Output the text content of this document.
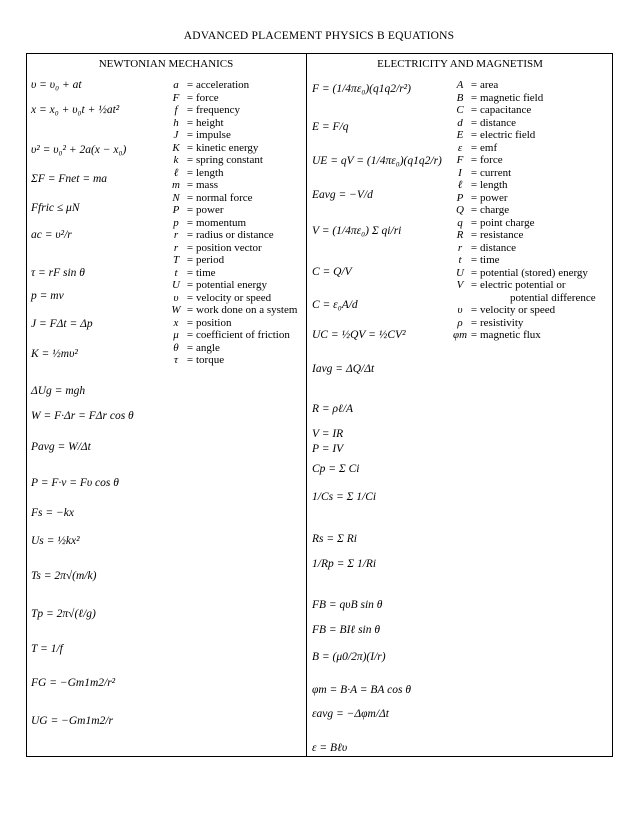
ADVANCED PLACEMENT PHYSICS B EQUATIONS
NEWTONIAN MECHANICS	ELECTRICITY AND MAGNETISM
υ = υ₀ + at
x = x₀ + υ₀t + ½at²
υ² = υ₀² + 2a(x − x₀)
ΣF = Fnet = ma
Ffric ≤ μN
ac = υ²/r
τ = rF sin θ
p = mv
J = FΔt = Δp
K = ½mυ²
ΔUg = mgh
W = F·Δr = FΔr cos θ
Pavg = W/Δt
P = F·v = Fυ cos θ
Fs = −kx
Us = ½kx²
Ts = 2π√(m/k)
Tp = 2π√(ℓ/g)
T = 1/f
FG = −Gm1m2/r²
UG = −Gm1m2/r
a = acceleration
F = force
f = frequency
h = height
J = impulse
K = kinetic energy
k = spring constant
ℓ = length
m = mass
N = normal force
P = power
p = momentum
r = radius or distance
r = position vector
T = period
t = time
U = potential energy
υ = velocity or speed
W = work done on a system
x = position
μ = coefficient of friction
θ = angle
τ = torque
F = (1/4πε₀)(q1q2/r²)
E = F/q
UE = qV = (1/4πε₀)(q1q2/r)
Eavg = −V/d
V = (1/4πε₀) Σ qi/ri
C = Q/V
C = ε₀A/d
UC = ½QV = ½CV²
Iavg = ΔQ/Δt
R = ρℓ/A
V = IR
P = IV
Cp = Σ Ci
1/Cs = Σ 1/Ci
Rs = Σ Ri
1/Rp = Σ 1/Ri
FB = qυB sin θ
FB = BIℓ sin θ
B = (μ0/2π)(I/r)
φm = B·A = BA cos θ
εavg = −Δφm/Δt
ε = Bℓυ
A = area
B = magnetic field
C = capacitance
d = distance
E = electric field
ε = emf
F = force
I = current
ℓ = length
P = power
Q = charge
q = point charge
R = resistance
r = distance
t = time
U = potential (stored) energy
V = electric potential or
potential difference
υ = velocity or speed
ρ = resistivity
φm = magnetic flux
